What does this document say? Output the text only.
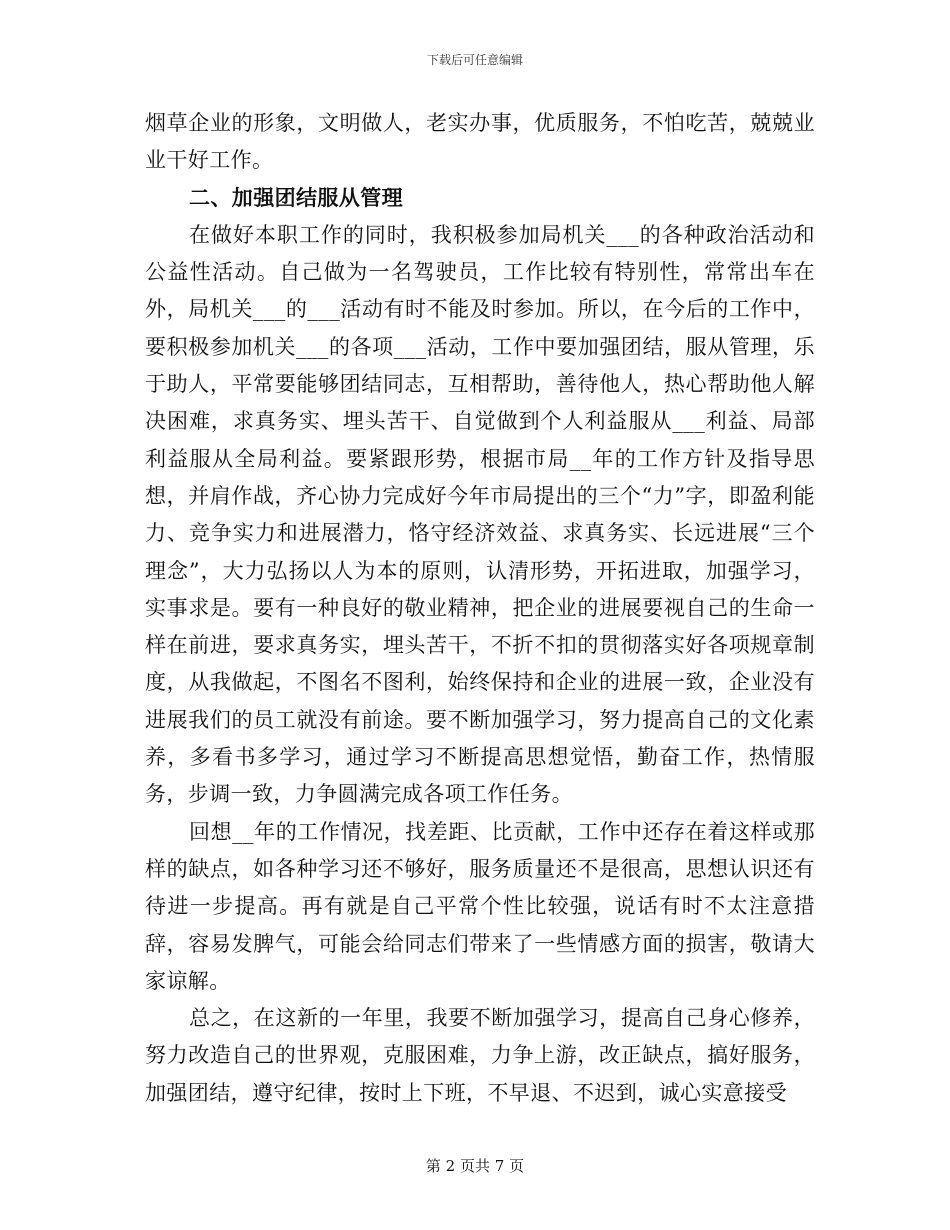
下载后可任意编辑

烟草企业的形象，文明做人，老实办事，优质服务，不怕吃苦，兢兢业业干好工作。

二、加强团结服从管理

在做好本职工作的同时，我积极参加局机关___的各种政治活动和公益性活动。自己做为一名驾驶员，工作比较有特别性，常常出车在外，局机关___的___活动有时不能及时参加。所以，在今后的工作中，要积极参加机关___的各项___活动，工作中要加强团结，服从管理，乐于助人，平常要能够团结同志，互相帮助，善待他人，热心帮助他人解决困难，求真务实、埋头苦干、自觉做到个人利益服从___利益、局部利益服从全局利益。要紧跟形势，根据市局__年的工作方针及指导思想，并肩作战，齐心协力完成好今年市局提出的三个“力”字，即盈利能力、竞争实力和进展潜力，恪守经济效益、求真务实、长远进展“三个理念”，大力弘扬以人为本的原则，认清形势，开拓进取，加强学习，实事求是。要有一种良好的敬业精神，把企业的进展要视自己的生命一样在前进，要求真务实，埋头苦干，不折不扣的贯彻落实好各项规章制度，从我做起，不图名不图利，始终保持和企业的进展一致，企业没有进展我们的员工就没有前途。要不断加强学习，努力提高自己的文化素养，多看书多学习，通过学习不断提高思想觉悟，勤奋工作，热情服务，步调一致，力争圆满完成各项工作任务。

回想__年的工作情况，找差距、比贡献，工作中还存在着这样或那样的缺点，如各种学习还不够好，服务质量还不是很高，思想认识还有待进一步提高。再有就是自己平常个性比较强，说话有时不太注意措辞，容易发脾气，可能会给同志们带来了一些情感方面的损害，敬请大家谅解。

总之，在这新的一年里，我要不断加强学习，提高自己身心修养，努力改造自己的世界观，克服困难，力争上游，改正缺点，搞好服务，加强团结，遵守纪律，按时上下班，不早退、不迟到，诚心实意接受

第 2 页共 7 页
